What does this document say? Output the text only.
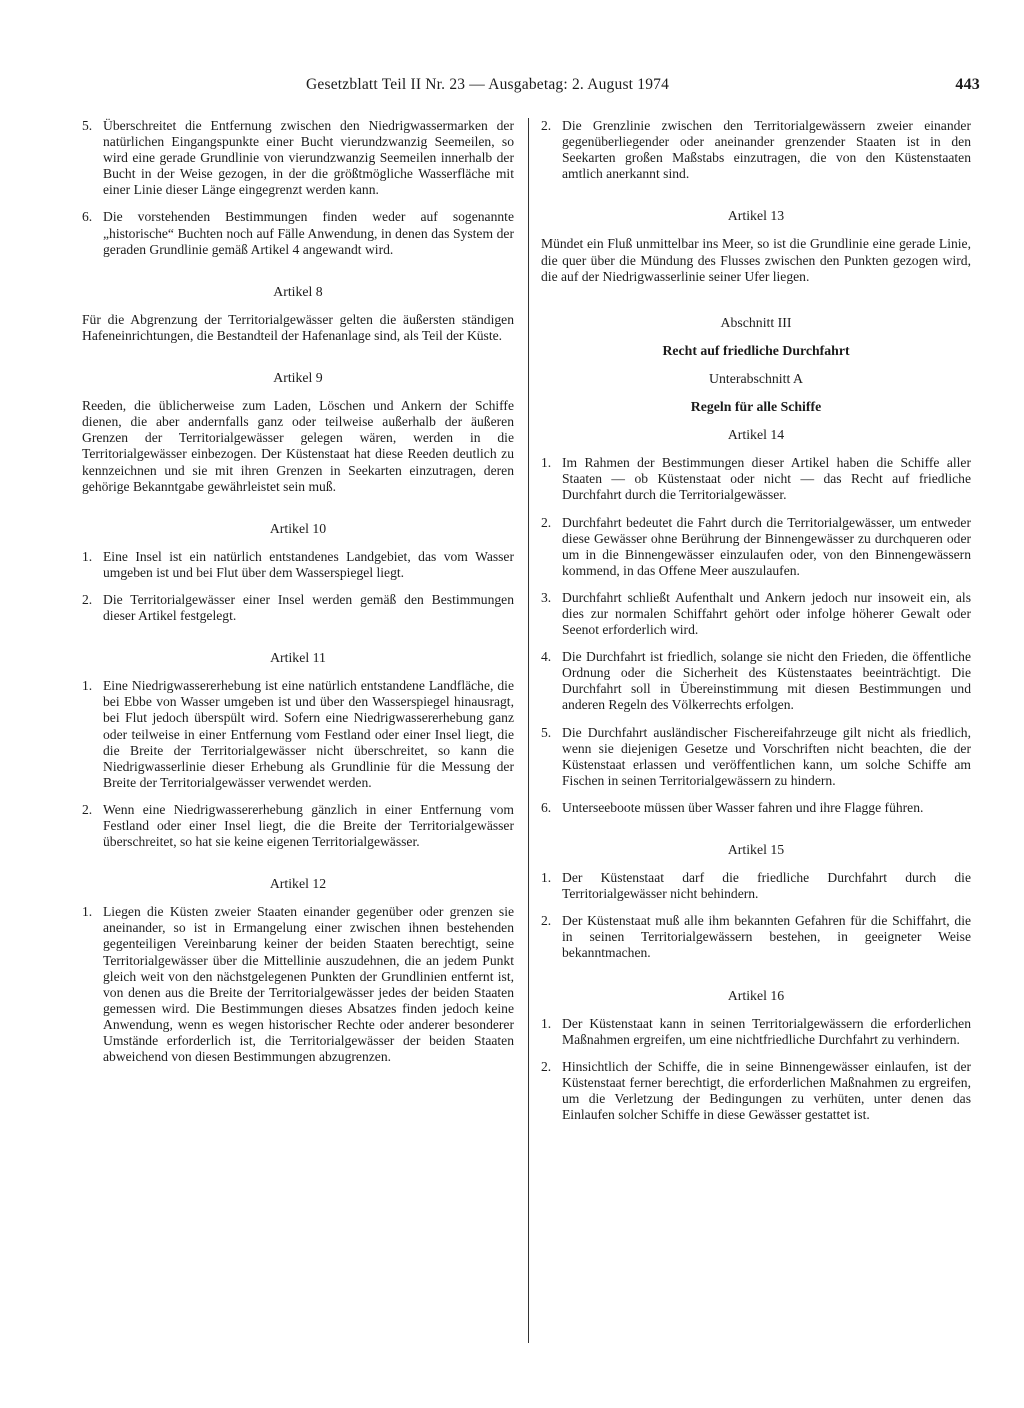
Gesetzblatt Teil II Nr. 23 — Ausgabetag: 2. August 1974	443
5. Überschreitet die Entfernung zwischen den Niedrigwassermarken der natürlichen Eingangspunkte einer Bucht vierundzwanzig Seemeilen, so wird eine gerade Grundlinie von vierundzwanzig Seemeilen innerhalb der Bucht in der Weise gezogen, in der die größtmögliche Wasserfläche mit einer Linie dieser Länge eingegrenzt werden kann.
6. Die vorstehenden Bestimmungen finden weder auf sogenannte „historische“ Buchten noch auf Fälle Anwendung, in denen das System der geraden Grundlinie gemäß Artikel 4 angewandt wird.
Artikel 8
Für die Abgrenzung der Territorialgewässer gelten die äußersten ständigen Hafeneinrichtungen, die Bestandteil der Hafenanlage sind, als Teil der Küste.
Artikel 9
Reeden, die üblicherweise zum Laden, Löschen und Ankern der Schiffe dienen, die aber andernfalls ganz oder teilweise außerhalb der äußeren Grenzen der Territorialgewässer gelegen wären, werden in die Territorialgewässer einbezogen. Der Küstenstaat hat diese Reeden deutlich zu kennzeichnen und sie mit ihren Grenzen in Seekarten einzutragen, deren gehörige Bekanntgabe gewährleistet sein muß.
Artikel 10
1. Eine Insel ist ein natürlich entstandenes Landgebiet, das vom Wasser umgeben ist und bei Flut über dem Wasserspiegel liegt.
2. Die Territorialgewässer einer Insel werden gemäß den Bestimmungen dieser Artikel festgelegt.
Artikel 11
1. Eine Niedrigwassererhebung ist eine natürlich entstandene Landfläche, die bei Ebbe von Wasser umgeben ist und über den Wasserspiegel hinausragt, bei Flut jedoch überspült wird. Sofern eine Niedrigwassererhebung ganz oder teilweise in einer Entfernung vom Festland oder einer Insel liegt, die die Breite der Territorialgewässer nicht überschreitet, so kann die Niedrigwasserlinie dieser Erhebung als Grundlinie für die Messung der Breite der Territorialgewässer verwendet werden.
2. Wenn eine Niedrigwassererhebung gänzlich in einer Entfernung vom Festland oder einer Insel liegt, die die Breite der Territorialgewässer überschreitet, so hat sie keine eigenen Territorialgewässer.
Artikel 12
1. Liegen die Küsten zweier Staaten einander gegenüber oder grenzen sie aneinander, so ist in Ermangelung einer zwischen ihnen bestehenden gegenteiligen Vereinbarung keiner der beiden Staaten berechtigt, seine Territorialgewässer über die Mittellinie auszudehnen, die an jedem Punkt gleich weit von den nächstgelegenen Punkten der Grundlinien entfernt ist, von denen aus die Breite der Territorialgewässer jedes der beiden Staaten gemessen wird. Die Bestimmungen dieses Absatzes finden jedoch keine Anwendung, wenn es wegen historischer Rechte oder anderer besonderer Umstände erforderlich ist, die Territorialgewässer der beiden Staaten abweichend von diesen Bestimmungen abzugrenzen.
2. Die Grenzlinie zwischen den Territorialgewässern zweier einander gegenüberliegender oder aneinander grenzender Staaten ist in den Seekarten großen Maßstabs einzutragen, die von den Küstenstaaten amtlich anerkannt sind.
Artikel 13
Mündet ein Fluß unmittelbar ins Meer, so ist die Grundlinie eine gerade Linie, die quer über die Mündung des Flusses zwischen den Punkten gezogen wird, die auf der Niedrigwasserlinie seiner Ufer liegen.
Abschnitt III
Recht auf friedliche Durchfahrt
Unterabschnitt A
Regeln für alle Schiffe
Artikel 14
1. Im Rahmen der Bestimmungen dieser Artikel haben die Schiffe aller Staaten — ob Küstenstaat oder nicht — das Recht auf friedliche Durchfahrt durch die Territorialgewässer.
2. Durchfahrt bedeutet die Fahrt durch die Territorialgewässer, um entweder diese Gewässer ohne Berührung der Binnengewässer zu durchqueren oder um in die Binnengewässer einzulaufen oder, von den Binnengewässern kommend, in das Offene Meer auszulaufen.
3. Durchfahrt schließt Aufenthalt und Ankern jedoch nur insoweit ein, als dies zur normalen Schiffahrt gehört oder infolge höherer Gewalt oder Seenot erforderlich wird.
4. Die Durchfahrt ist friedlich, solange sie nicht den Frieden, die öffentliche Ordnung oder die Sicherheit des Küstenstaates beeinträchtigt. Die Durchfahrt soll in Übereinstimmung mit diesen Bestimmungen und anderen Regeln des Völkerrechts erfolgen.
5. Die Durchfahrt ausländischer Fischereifahrzeuge gilt nicht als friedlich, wenn sie diejenigen Gesetze und Vorschriften nicht beachten, die der Küstenstaat erlassen und veröffentlichen kann, um solche Schiffe am Fischen in seinen Territorialgewässern zu hindern.
6. Unterseeboote müssen über Wasser fahren und ihre Flagge führen.
Artikel 15
1. Der Küstenstaat darf die friedliche Durchfahrt durch die Territorialgewässer nicht behindern.
2. Der Küstenstaat muß alle ihm bekannten Gefahren für die Schiffahrt, die in seinen Territorialgewässern bestehen, in geeigneter Weise bekanntmachen.
Artikel 16
1. Der Küstenstaat kann in seinen Territorialgewässern die erforderlichen Maßnahmen ergreifen, um eine nichtfriedliche Durchfahrt zu verhindern.
2. Hinsichtlich der Schiffe, die in seine Binnengewässer einlaufen, ist der Küstenstaat ferner berechtigt, die erforderlichen Maßnahmen zu ergreifen, um die Verletzung der Bedingungen zu verhüten, unter denen das Einlaufen solcher Schiffe in diese Gewässer gestattet ist.
